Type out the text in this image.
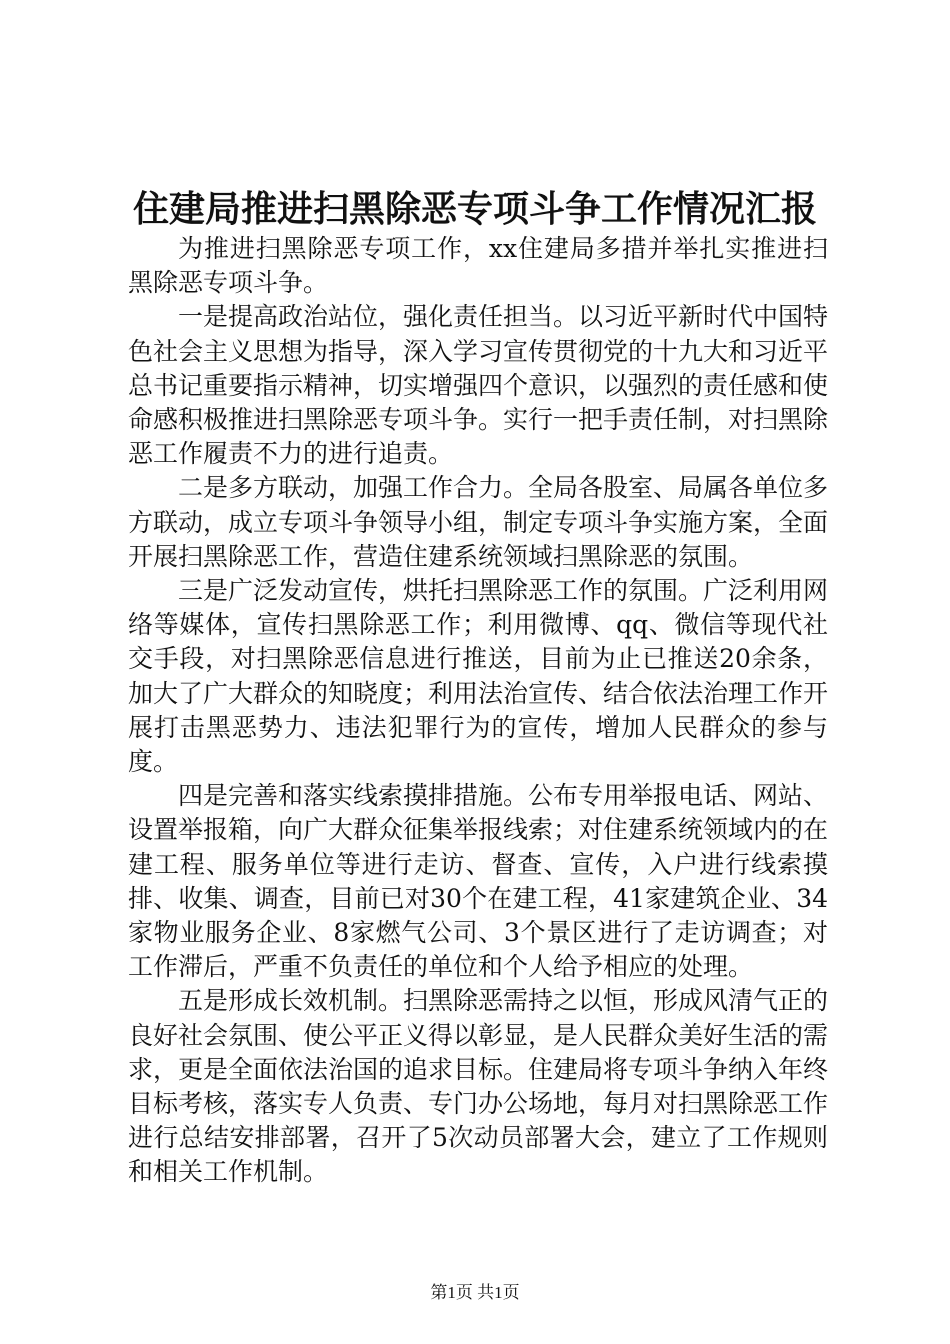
住建局推进扫黑除恶专项斗争工作情况汇报

为推进扫黑除恶专项工作，xx住建局多措并举扎实推进扫黑除恶专项斗争。

一是提高政治站位，强化责任担当。以习近平新时代中国特色社会主义思想为指导，深入学习宣传贯彻党的十九大和习近平总书记重要指示精神，切实增强四个意识，以强烈的责任感和使命感积极推进扫黑除恶专项斗争。实行一把手责任制，对扫黑除恶工作履责不力的进行追责。

二是多方联动，加强工作合力。全局各股室、局属各单位多方联动，成立专项斗争领导小组，制定专项斗争实施方案，全面开展扫黑除恶工作，营造住建系统领域扫黑除恶的氛围。

三是广泛发动宣传，烘托扫黑除恶工作的氛围。广泛利用网络等媒体，宣传扫黑除恶工作；利用微博、qq、微信等现代社交手段，对扫黑除恶信息进行推送，目前为止已推送20余条，加大了广大群众的知晓度；利用法治宣传、结合依法治理工作开展打击黑恶势力、违法犯罪行为的宣传，增加人民群众的参与度。

四是完善和落实线索摸排措施。公布专用举报电话、网站、设置举报箱，向广大群众征集举报线索；对住建系统领域内的在建工程、服务单位等进行走访、督查、宣传，入户进行线索摸排、收集、调查，目前已对30个在建工程，41家建筑企业、34家物业服务企业、8家燃气公司、3个景区进行了走访调查；对工作滞后，严重不负责任的单位和个人给予相应的处理。

五是形成长效机制。扫黑除恶需持之以恒，形成风清气正的良好社会氛围、使公平正义得以彰显，是人民群众美好生活的需求，更是全面依法治国的追求目标。住建局将专项斗争纳入年终目标考核，落实专人负责、专门办公场地，每月对扫黑除恶工作进行总结安排部署，召开了5次动员部署大会，建立了工作规则和相关工作机制。

第1页 共1页
